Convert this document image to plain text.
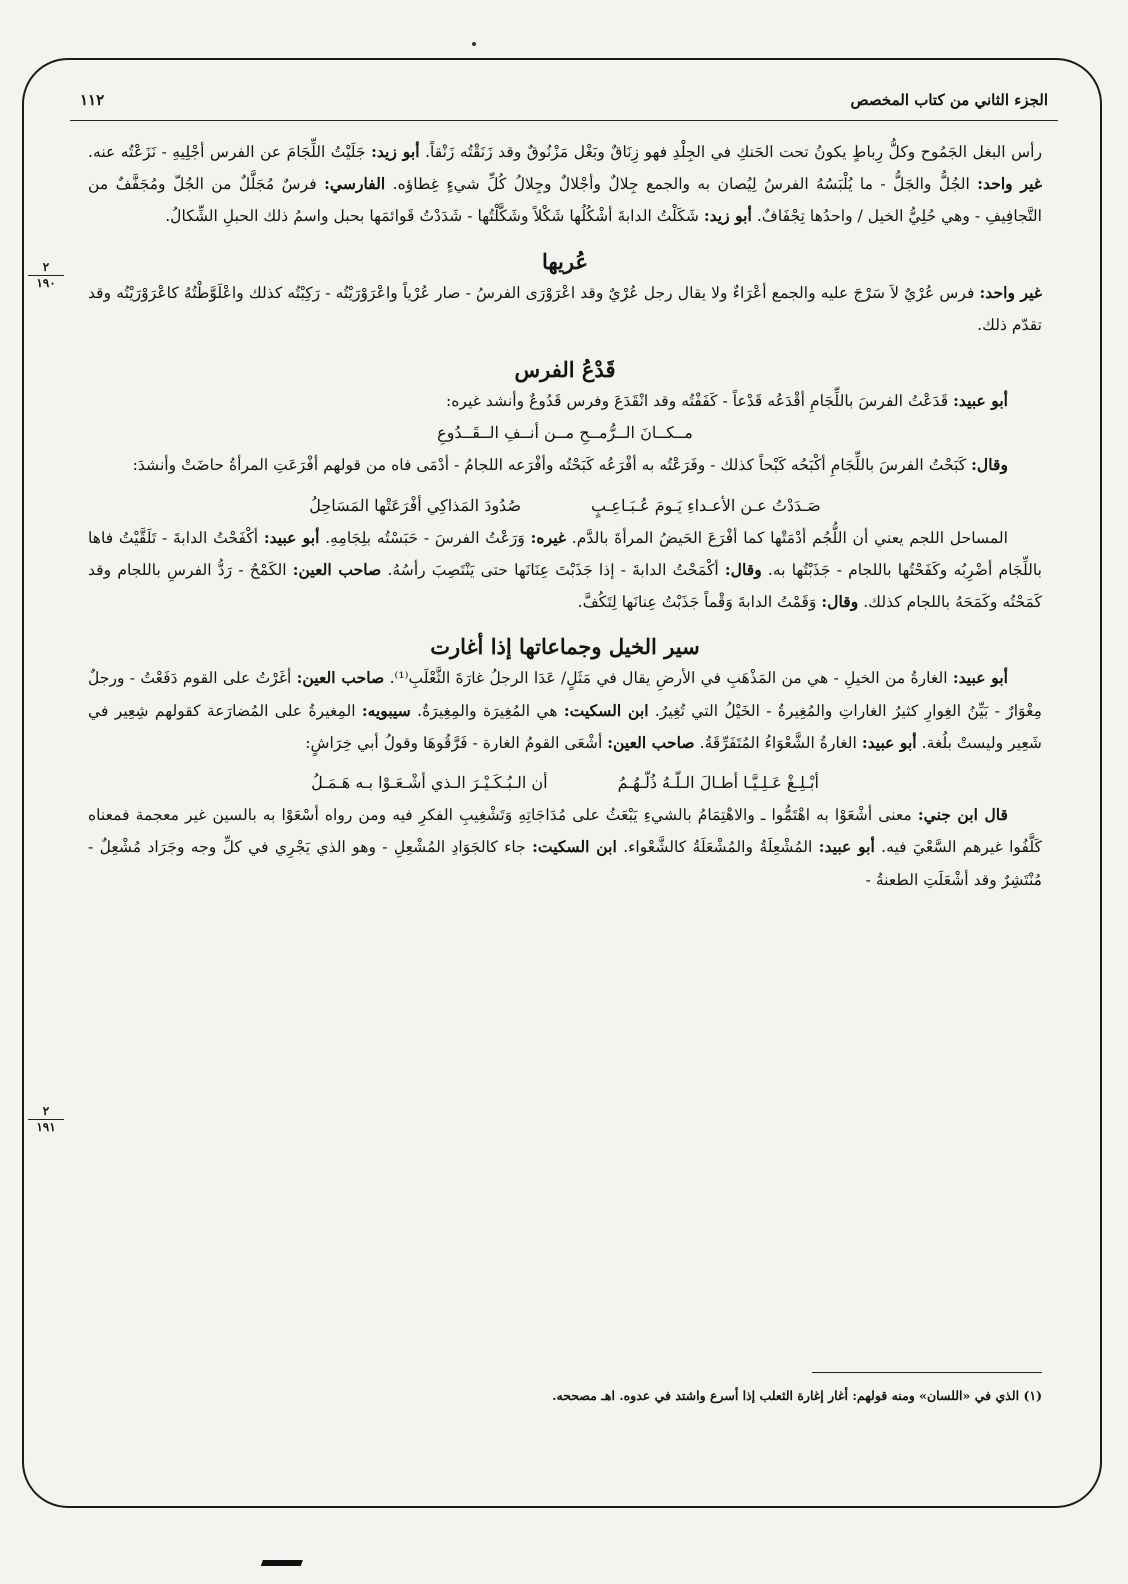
الجزء الثاني من كتاب المخصص
١١٢
٢
١٩٠
٢
١٩١

رأس البغل الجَمُوح وكلُّ رِباطٍ يكونُ تحت الحَنكِ في الجِلْدِ فهو زِنَاقٌ وبَغْل مَزْنُوقٌ وقد زَنَقْتُه زَنْقاً. أبو زيد: جَلَيْتُ اللِّجَامَ عن الفرس أجْلِيهِ - نَزَعْتُه عنه. غير واحد: الجُلُّ والجَلُّ - ما يُلْبَسُهُ الفرسُ لِيُصان به والجمع جِلالٌ وأجْلالٌ وجِلالُ كُلِّ شيءٍ غِطاؤه. الفارسي: فرسٌ مُجَلَّلٌ من الجُلّ ومُجَفَّفٌ من التَّجافِيفِ - وهي حُلِيُّ الخيل / واحدُها تِجْفَافٌ. أبو زيد: شَكَلْتُ الدابةَ أشْكُلُها شَكْلاً وشَكَّلْتُها - شَدَدْتُ قَوائمَها بحبل واسمُ ذلك الحبلِ الشِّكالُ.

عُريها

غير واحد: فرس عُرْيٌ لاَ سَرْجَ عليه والجمع أعْرَاءٌ ولا يقال رجل عُرْيٌ وقد اعْرَوْرَى الفرسُ - صار عُرْياً واعْرَوْرَيْتُه - رَكِبْتُه كذلك واعْلَوَّطْتُهُ كاعْرَوْرَيْتُه وقد تقدّم ذلك.

قَدْعُ الفرس

أبو عبيد: قَدَعْتُ الفرسَ باللِّجَامِ أقْدَعُه قَدْعاً - كَفَفْتُه وقد انْقَدَعَ وفرس قَدُوعٌ وأنشد غيره:

مــكــانَ الــرُّمــحِ مــن أنــفِ الــقَــدُوعِ

وقال: كَبَحْتُ الفرسَ باللِّجَامِ أكْبَحُه كَبْحاً كذلك - وفَرَعْتُه به أفْرَعُه كَبَحْتُه وأفْرَعه اللجامُ - أدْمَى فاه من قولهم أفْرَعَتِ المرأةُ حاضَتْ وأنشدَ:

صَـدَدْتُ عـن الأعـداءِ يَـومَ عُـبَـاعِـبٍ
صُدُودَ المَذاكِي أفْرَعَتْها المَسَاحِلُ

المساحل اللجم يعني أن اللُّجُم أدْمَتْها كما أفْرَعَ الحَيضُ المرأةَ بالدَّم. غيره: وَرَعْتُ الفرسَ - حَبَسْتُه بلِجَامِهِ. أبو عبيد: أكْفَحْتُ الدابةَ - تَلَقَّيْتُ فاها باللِّجَام أضْرِبُه وكَفَحْتُها باللجام - جَذَبْتُها به. وقال: أكْمَحْتُ الدابةَ - إذا جَذَبْتَ عِنَانَها حتى يَنْتَصِبَ رأسُهُ. صاحب العين: الكَمْحُ - رَدُّ الفرسِ باللجام وقد كَمَحْتُه وكَمَحَهُ باللجام كذلك. وقال: وَقَمْتُ الدابةَ وَقْماً جَذَبْتُ عِنانَها لِتَكُفَّ.

سير الخيل وجماعاتها إذا أغارت

أبو عبيد: الغارةُ من الخيلِ - هي من المَذْهَبِ في الأرضِ يقال في مَثَلٍ/ عَدَا الرجلُ غارَةَ الثَّعْلَبِ⁽¹⁾. صاحب العين: أغَرْتُ على القوم دَفَعْتُ - ورجلٌ مِغْوَارٌ - بَيِّنُ الغِوارِ كثيرُ الغاراتِ والمُغِيرةُ - الخَيْلُ التي تُغِيرُ. ابن السكيت: هي المُغِيرَة والمِغِيرَةُ. سيبويه: المِغيرةُ على المُضارَعة كقولهم شِعِير في شَعِير وليستْ بلُغة. أبو عبيد: الغارةُ الشَّعْوَاءُ المُتَفَرِّقَةُ. صاحب العين: أشْعَى القومُ الغارة - فَرَّقُوهَا وقولُ أبي خِرَاشٍ:

أبْـلِـغْ عَـلِـيَّـا أطـالَ الـلّـهُ ذُلّـهُـمُ
أن الـبُـكَـيْـرَ الـذي أشْـعَـوْا بـه هَـمَـلُ

قال ابن جني: معنى أشْعَوْا به اهْتَمُّوا ـ والاهْتِمَامُ بالشيءِ يَبْعَثُ على مُدَاجَاتِهِ وَتَشْغِيبِ الفكرِ فيه ومن رواه أسْعَوْا به بالسين غير معجمة فمعناه كَلَّفُوا غيرهم السَّعْيَ فيه. أبو عبيد: المُشْعِلَةُ والمُشْعَلَةُ كالشَّعْواء. ابن السكيت: جاء كالجَوَادِ المُشْعِلِ - وهو الذي يَجْرِي في كلِّ وجه وجَرَاد مُشْعِلٌ - مُنْتَشِرٌ وقد أشْعَلَتِ الطعنةُ -

(١) الذي في «اللسان» ومنه قولهم: أغار إغارة الثعلب إذا أسرع واشتد في عدوه. اهـ مصححه.
